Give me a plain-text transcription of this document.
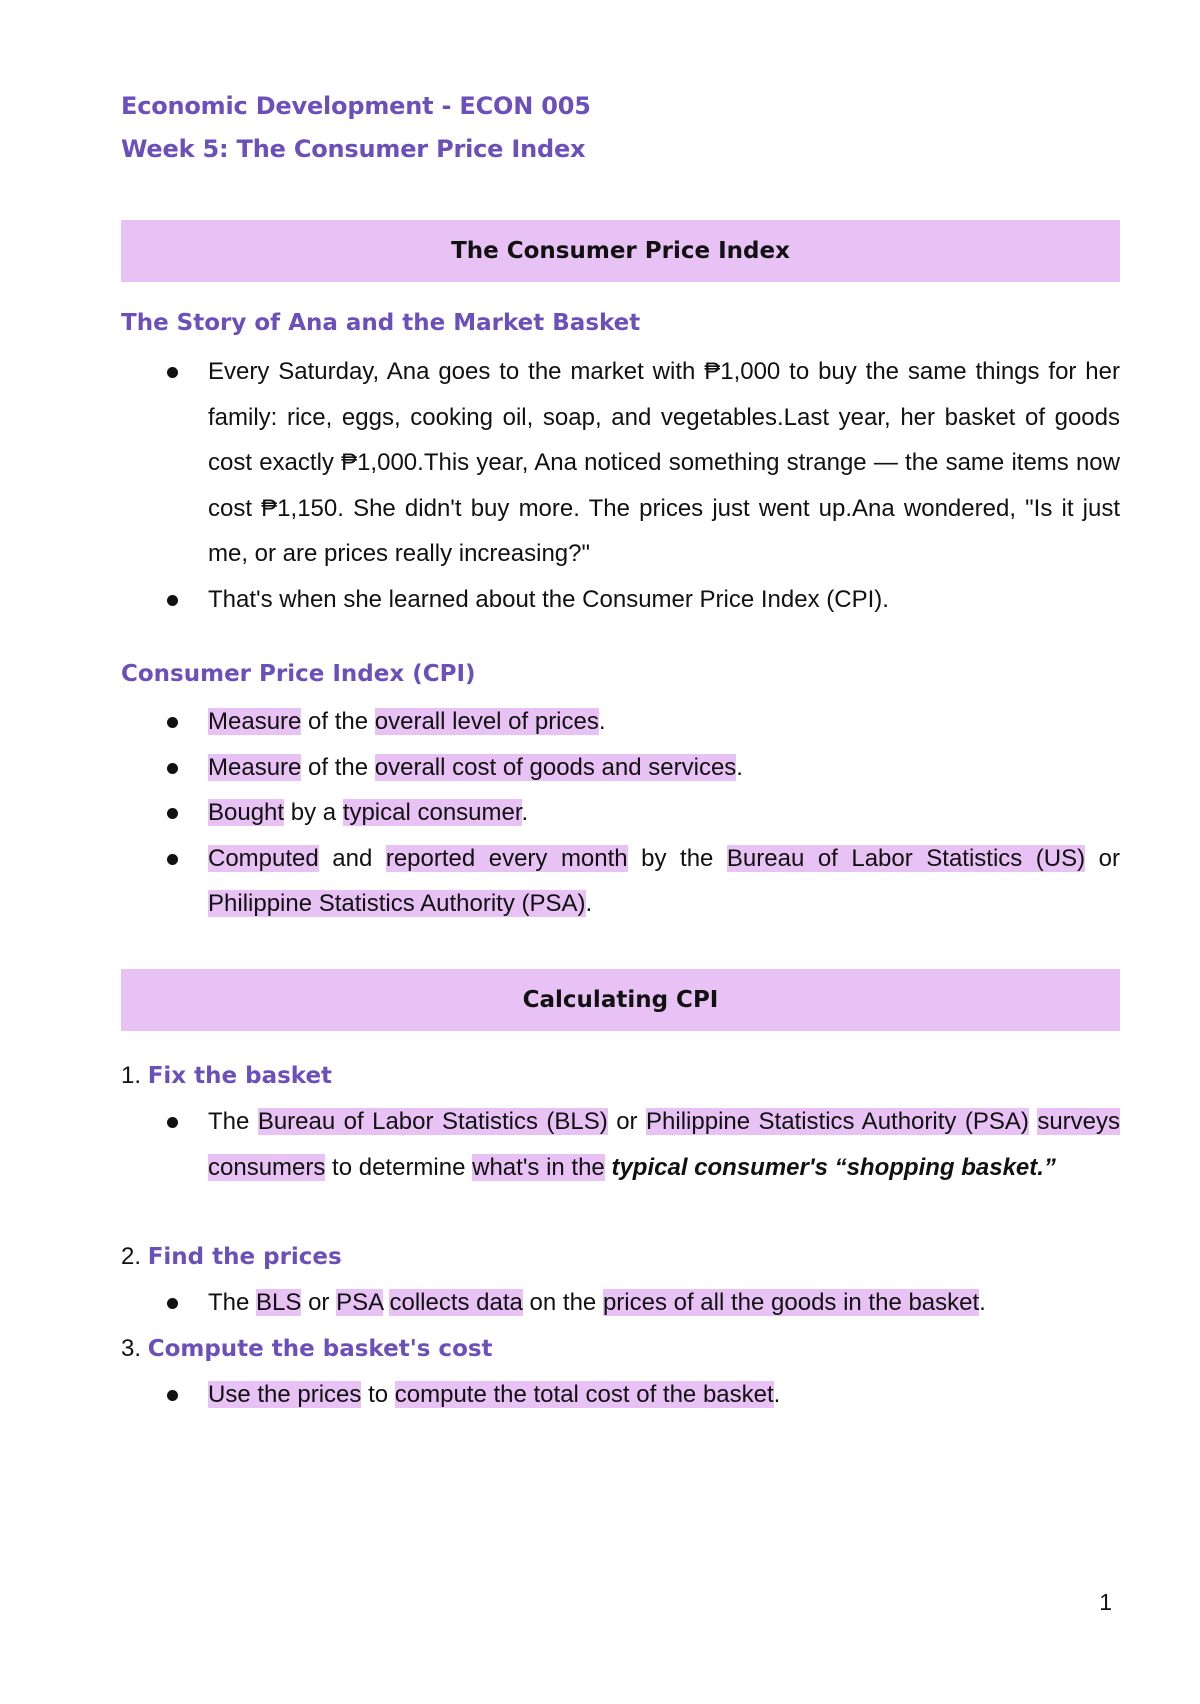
Economic Development - ECON 005
Week 5: The Consumer Price Index
The Consumer Price Index
The Story of Ana and the Market Basket
Every Saturday, Ana goes to the market with ₱1,000 to buy the same things for her family: rice, eggs, cooking oil, soap, and vegetables.Last year, her basket of goods cost exactly ₱1,000.This year, Ana noticed something strange — the same items now cost ₱1,150. She didn't buy more. The prices just went up.Ana wondered, "Is it just me, or are prices really increasing?"
That's when she learned about the Consumer Price Index (CPI).
Consumer Price Index (CPI)
Measure of the overall level of prices.
Measure of the overall cost of goods and services.
Bought by a typical consumer.
Computed and reported every month by the Bureau of Labor Statistics (US) or Philippine Statistics Authority (PSA).
Calculating CPI
1. Fix the basket
The Bureau of Labor Statistics (BLS) or Philippine Statistics Authority (PSA) surveys consumers to determine what's in the typical consumer's “shopping basket.”
2. Find the prices
The BLS or PSA collects data on the prices of all the goods in the basket.
3. Compute the basket's cost
Use the prices to compute the total cost of the basket.
1
